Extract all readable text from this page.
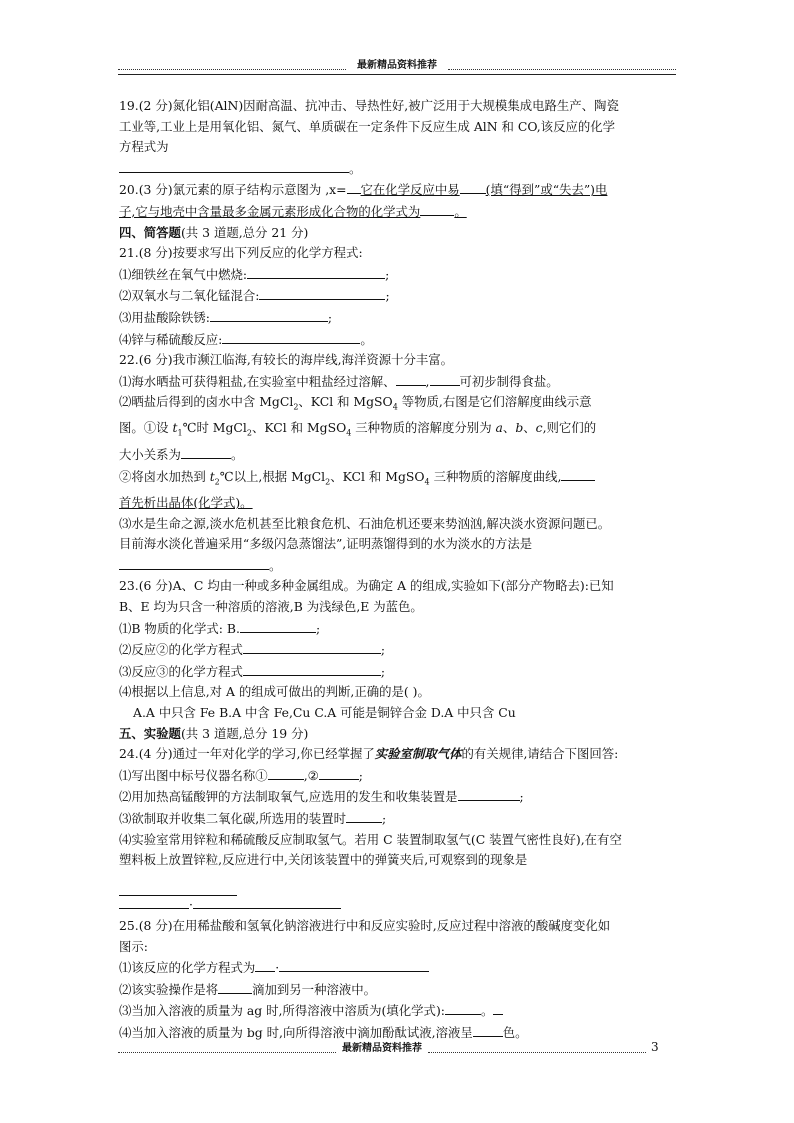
最新精品资料推荐

19.(2 分)氮化铝(AlN)因耐高温、抗冲击、导热性好,被广泛用于大规模集成电路生产、陶瓷

工业等,工业上是用氧化铝、氮气、单质碳在一定条件下反应生成 AlN 和 CO,该反应的化学

方程式为

。

20.(3 分)氯元素的原子结构示意图为 ,x= 它在化学反应中易 (填“得到”或“失去”)电

子,它与地壳中含量最多金属元素形成化合物的化学式为	。

四、简答题(共 3 道题,总分 21 分)

21.(8 分)按要求写出下列反应的化学方程式:

⑴细铁丝在氧气中燃烧:	;

⑵双氧水与二氧化锰混合:	;

⑶用盐酸除铁锈:	;

⑷锌与稀硫酸反应:	。

22.(6 分)我市濒江临海,有较长的海岸线,海洋资源十分丰富。

⑴海水晒盐可获得粗盐,在实验室中粗盐经过溶解、 , 可初步制得食盐。

⑵晒盐后得到的卤水中含 MgCl$_2$、KCl 和 MgSO$_4$ 等物质,右图是它们溶解度曲线示意

图。①设 $t_1℃$时 MgCl$_2$、KCl 和 MgSO$_4$ 三种物质的溶解度分别为 a、b、c,则它们的

大小关系为	。

②将卤水加热到 $t_2℃$以上,根据 MgCl$_2$、KCl 和 MgSO$_4$ 三种物质的溶解度曲线,

首先析出晶体(化学式)。

⑶水是生命之源,淡水危机甚至比粮食危机、石油危机还要来势汹汹,解决淡水资源问题已。

目前海水淡化普遍采用“多级闪急蒸馏法”,证明蒸馏得到的水为淡水的方法是

。

23.(6 分)A、C 均由一种或多种金属组成。为确定 A 的组成,实验如下(部分产物略去):已知

B、E 均为只含一种溶质的溶液,B 为浅绿色,E 为蓝色。

⑴B 物质的化学式: B.	;

⑵反应②的化学方程式	;

⑶反应③的化学方程式	;

⑷根据以上信息,对 A 的组成可做出的判断,正确的是( )。

A.A 中只含 Fe B.A 中含 Fe,Cu C.A 可能是铜锌合金 D.A 中只含 Cu

五、实验题(共 3 道题,总分 19 分)

24.(4 分)通过一年对化学的学习,你已经掌握了实验室制取气体的有关规律,请结合下图回答:

⑴写出图中标号仪器名称①	,②	;

⑵用加热高锰酸钾的方法制取氧气,应选用的发生和收集装置是	;

⑶欲制取并收集二氧化碳,所选用的装置时	;

⑷实验室常用锌粒和稀硫酸反应制取氢气。若用 C 装置制取氢气(C 装置气密性良好),在有空

塑料板上放置锌粒,反应进行中,关闭该装置中的弹簧夹后,可观察到的现象是

·

25.(8 分)在用稀盐酸和氢氧化钠溶液进行中和反应实验时,反应过程中溶液的酸碱度变化如

图示:

⑴该反应的化学方程式为 ·

⑵该实验操作是将	滴加到另一种溶液中。

⑶当加入溶液的质量为 ag 时,所得溶液中溶质为(填化学式):	。

⑷当加入溶液的质量为 bg 时,向所得溶液中滴加酚酞试液,溶液呈 色。

最新精品资料推荐	3
